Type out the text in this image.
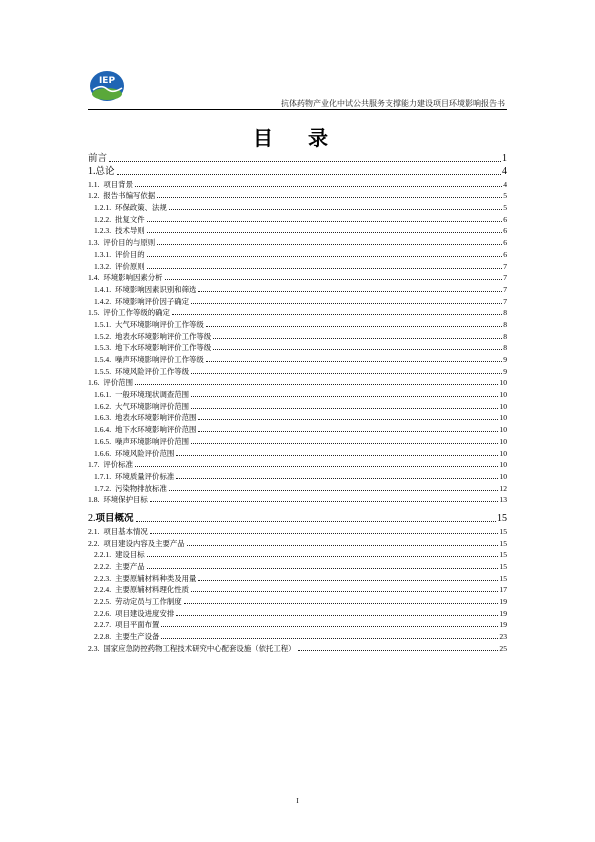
IEP
抗体药物产业化中试公共服务支撑能力建设项目环境影响报告书
目 录
前言	1
1. 总论	4
1.1. 项目背景	4
1.2. 报告书编写依据	5
1.2.1. 环保政策、法规	5
1.2.2. 批复文件	6
1.2.3. 技术导则	6
1.3. 评价目的与原则	6
1.3.1. 评价目的	6
1.3.2. 评价原则	7
1.4. 环境影响因素分析	7
1.4.1. 环境影响因素识别和筛选	7
1.4.2. 环境影响评价因子确定	7
1.5. 评价工作等级的确定	8
1.5.1. 大气环境影响评价工作等级	8
1.5.2. 地表水环境影响评价工作等级	8
1.5.3. 地下水环境影响评价工作等级	8
1.5.4. 噪声环境影响评价工作等级	9
1.5.5. 环境风险评价工作等级	9
1.6. 评价范围	10
1.6.1. 一般环境现状调查范围	10
1.6.2. 大气环境影响评价范围	10
1.6.3. 地表水环境影响评价范围	10
1.6.4. 地下水环境影响评价范围	10
1.6.5. 噪声环境影响评价范围	10
1.6.6. 环境风险评价范围	10
1.7. 评价标准	10
1.7.1. 环境质量评价标准	10
1.7.2. 污染物排放标准	12
1.8. 环境保护目标	13
2. 项目概况	15
2.1. 项目基本情况	15
2.2. 项目建设内容及主要产品	15
2.2.1. 建设目标	15
2.2.2. 主要产品	15
2.2.3. 主要原辅材料种类及用量	15
2.2.4. 主要原辅材料理化性质	17
2.2.5. 劳动定员与工作制度	19
2.2.6. 项目建设进度安排	19
2.2.7. 项目平面布置	19
2.2.8. 主要生产设备	23
2.3. 国家应急防控药物工程技术研究中心配套设施（依托工程）	25
I
